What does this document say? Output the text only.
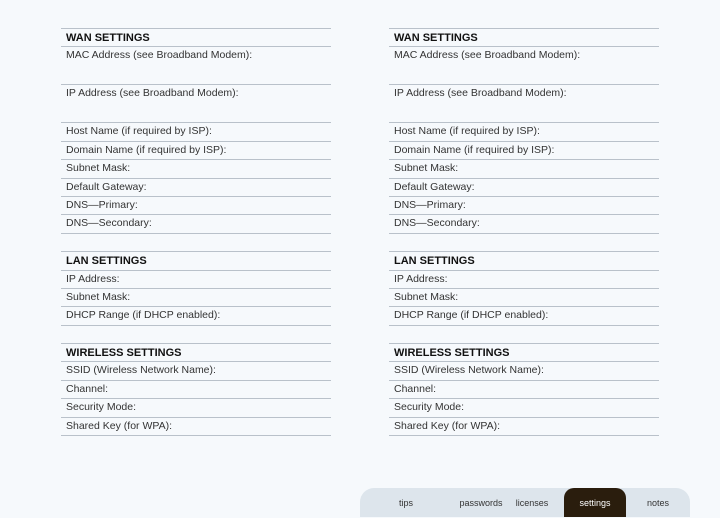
WAN SETTINGS
MAC Address (see Broadband Modem):
IP Address (see Broadband Modem):
Host Name (if required by ISP):
Domain Name (if required by ISP):
Subnet Mask:
Default Gateway:
DNS—Primary:
DNS—Secondary:
LAN SETTINGS
IP Address:
Subnet Mask:
DHCP Range (if DHCP enabled):
WIRELESS SETTINGS
SSID (Wireless Network Name):
Channel:
Security Mode:
Shared Key (for WPA):
WAN SETTINGS
MAC Address (see Broadband Modem):
IP Address (see Broadband Modem):
Host Name (if required by ISP):
Domain Name (if required by ISP):
Subnet Mask:
Default Gateway:
DNS—Primary:
DNS—Secondary:
LAN SETTINGS
IP Address:
Subnet Mask:
DHCP Range (if DHCP enabled):
WIRELESS SETTINGS
SSID (Wireless Network Name):
Channel:
Security Mode:
Shared Key (for WPA):
tips	passwords	licenses	settings	notes
